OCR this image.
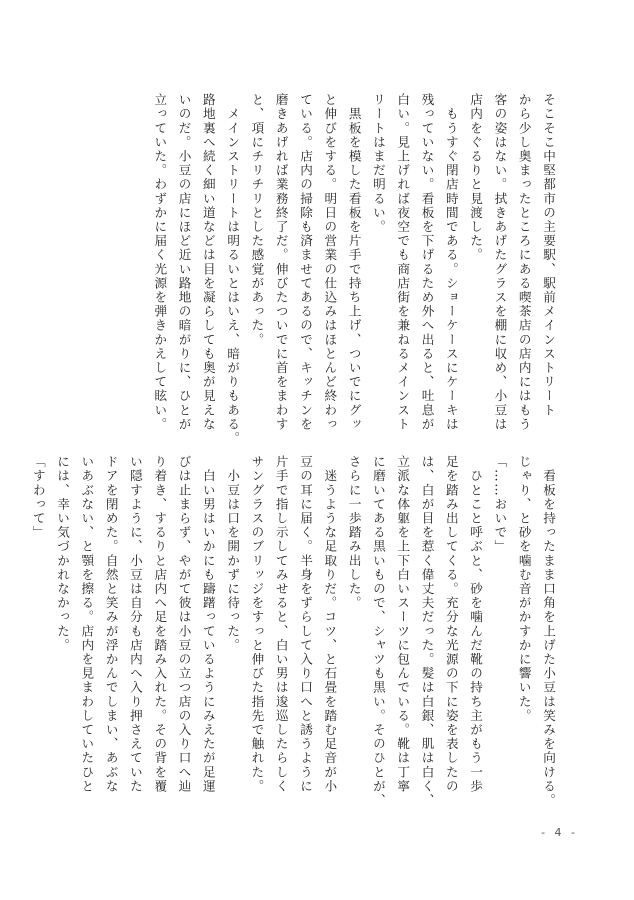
そこそこ中堅都市の主要駅、駅前メインストリート
から少し奥まったところにある喫茶店の店内にはもう
客の姿はない。拭きあげたグラスを棚に収め、小豆は
店内をぐるりと見渡した。
　もうすぐ閉店時間である。ショーケースにケーキは
残っていない。看板を下げるため外へ出ると、吐息が
白い。見上げれば夜空でも商店街を兼ねるメインスト
リートはまだ明るい。
　黒板を模した看板を片手で持ち上げ、ついでにグッ
と伸びをする。明日の営業の仕込みはほとんど終わっ
ている。店内の掃除も済ませてあるので、キッチンを
磨きあげれば業務終了だ。伸びたついでに首をまわす
と、項にチリチリとした感覚があった。
　メインストリートは明るいとはいえ、暗がりもある。
路地裏へ続く細い道などは目を凝らしても奥が見えな
いのだ。小豆の店にほど近い路地の暗がりに、ひとが
立っていた。わずかに届く光源を弾きかえして眩い。
　看板を持ったまま口角を上げた小豆は笑みを向ける。
じゃり、と砂を噛む音がかすかに響いた。
「……おいで」
　ひとこと呼ぶと、砂を噛んだ靴の持ち主がもう一歩
足を踏み出してくる。充分な光源の下に姿を表したの
は、白が目を惹く偉丈夫だった。髪は白銀、肌は白く、
立派な体躯を上下白いスーツに包んでいる。靴は丁寧
に磨いてある黒いもので、シャツも黒い。そのひとが、
さらに一歩踏み出した。
　迷うような足取りだ。コツ、と石畳を踏む足音が小
豆の耳に届く。半身をずらして入り口へと誘うように
片手で指し示してみせると、白い男は逡巡したらしく
サングラスのブリッジをすっと伸びた指先で触れた。
　小豆は口を開かずに待った。
　白い男はいかにも躊躇っているようにみえたが足運
びは止まらず、やがて彼は小豆の立つ店の入り口へ辿
り着き、するりと店内へ足を踏み入れた。その背を覆
い隠すように、小豆は自分も店内へ入り押さえていた
ドアを閉めた。自然と笑みが浮かんでしまい、あぶな
いあぶない、と顎を擦る。店内を見まわしていたひと
には、幸い気づかれなかった。
「すわって」
- 4 -
